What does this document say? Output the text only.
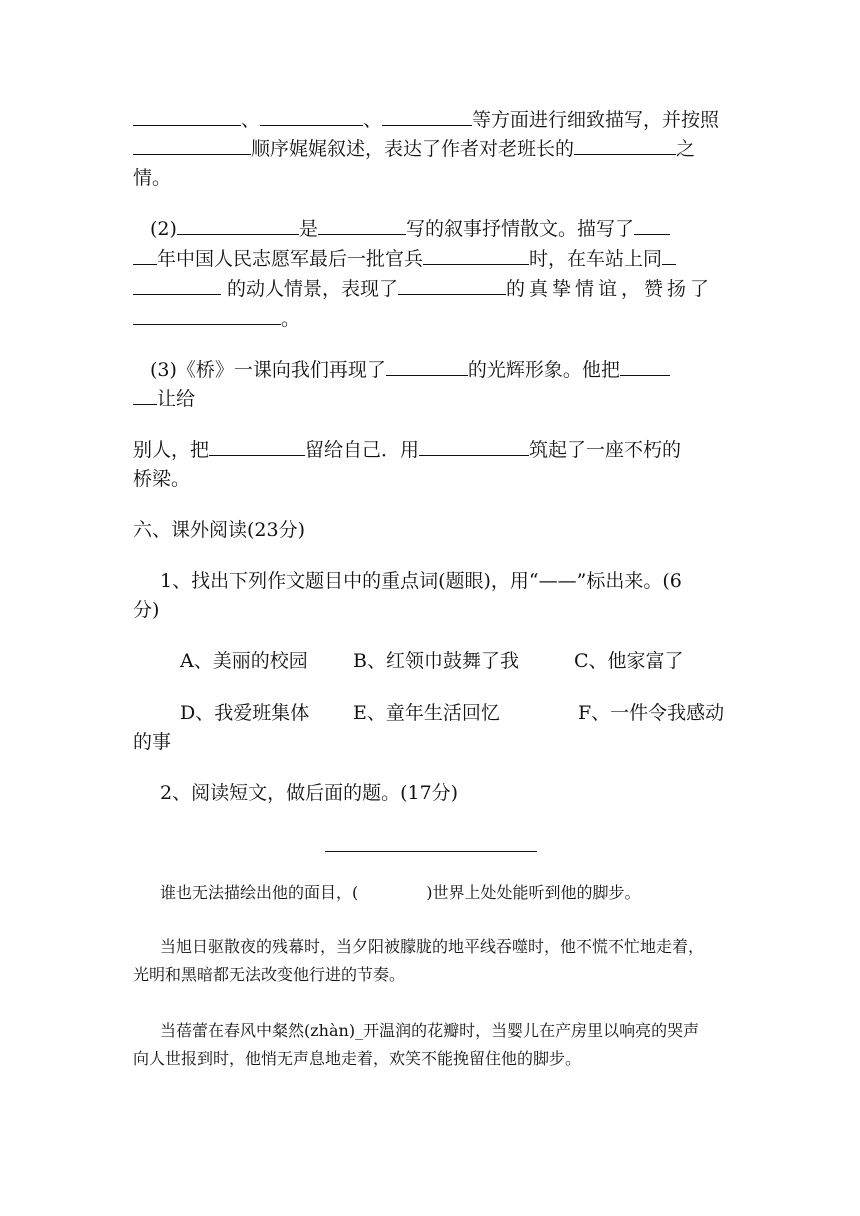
、	、	等方面进行细致描写，并按照
顺序娓娓叙述，表达了作者对老班长的	之
情。
(2)	是	写的叙事抒情散文。描写了
年中国人民志愿军最后一批官兵	时，在车站上同
的动人情景，表现了	的真挚情谊，赞扬了
。
(3)《桥》一课向我们再现了	的光辉形象。他把
让给
别人，把	留给自己．用	筑起了一座不朽的
桥梁。
六、课外阅读(23分)
1、找出下列作文题目中的重点词(题眼)，用“——”标出来。(6
分)
A、美丽的校园 B、红领巾鼓舞了我	C、他家富了
D、我爱班集体 E、童年生活回忆	F、一件令我感动
的事
2、阅读短文，做后面的题。(17分)
谁也无法描绘出他的面目，(	)世界上处处能听到他的脚步。
当旭日驱散夜的残幕时，当夕阳被朦胧的地平线吞噬时，他不慌不忙地走着，
光明和黑暗都无法改变他行进的节奏。
当蓓蕾在春风中粲然(zhàn)_开温润的花瓣时，当婴儿在产房里以响亮的哭声
向人世报到时，他悄无声息地走着，欢笑不能挽留住他的脚步。
